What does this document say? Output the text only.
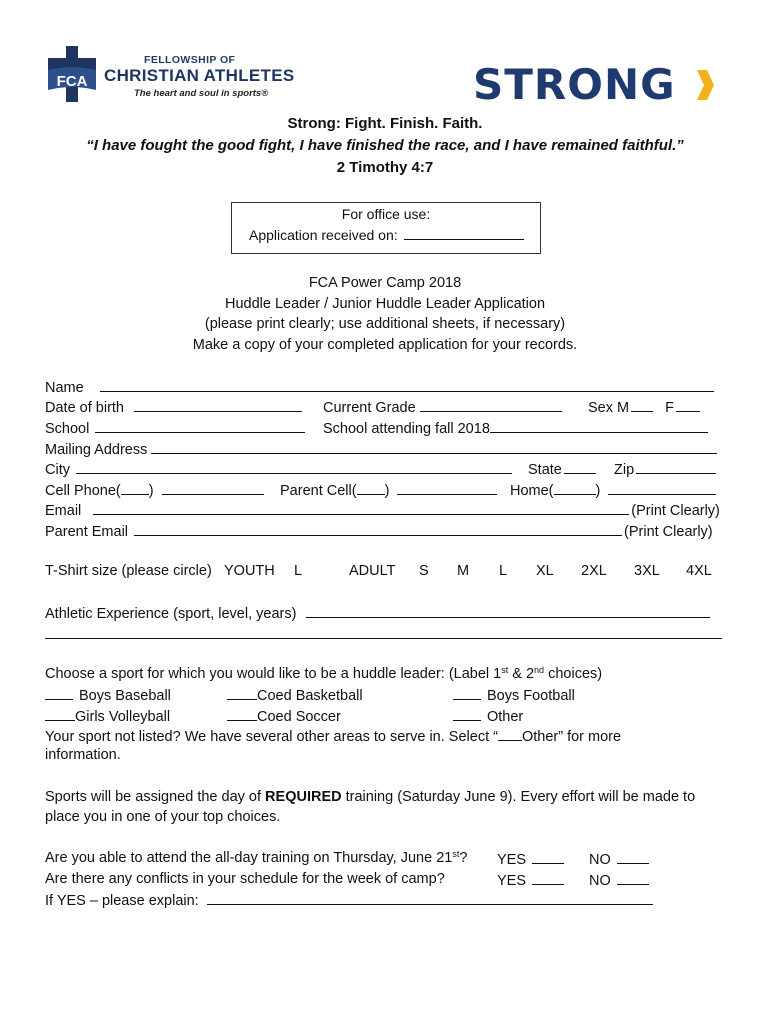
FCA
FELLOWSHIP OF
CHRISTIAN ATHLETES
The heart and soul in sports®	STRONG
Strong: Fight. Finish. Faith.
“I have fought the good fight, I have finished the race, and I have remained faithful.”
2 Timothy 4:7
For office use:
Application received on:
FCA Power Camp 2018
Huddle Leader / Junior Huddle Leader Application
(please print clearly; use additional sheets, if necessary)
Make a copy of your completed application for your records.
Name
Date of birth	Current Grade	Sex M F
School	School attending fall 2018
Mailing Address
City	State	Zip
Cell Phone( )	Parent Cell( )	Home(	)
Email	(Print Clearly)
Parent Email	(Print Clearly)
T-Shirt size (please circle) YOUTH L	ADULT S M L XL 2XL 3XL 4XL
Athletic Experience (sport, level, years)
Choose a sport for which you would like to be a huddle leader: (Label 1st & 2nd choices)
Boys Baseball	Coed Basketball	Boys Football
Girls Volleyball	Coed Soccer	Other
Your sport not listed? We have several other areas to serve in. Select “ Other” for more
information.
Sports will be assigned the day of REQUIRED training (Saturday June 9). Every effort will be made to
place you in one of your top choices.
Are you able to attend the all-day training on Thursday, June 21st? YES	NO
Are there any conflicts in your schedule for the week of camp?	YES	NO
If YES – please explain:
